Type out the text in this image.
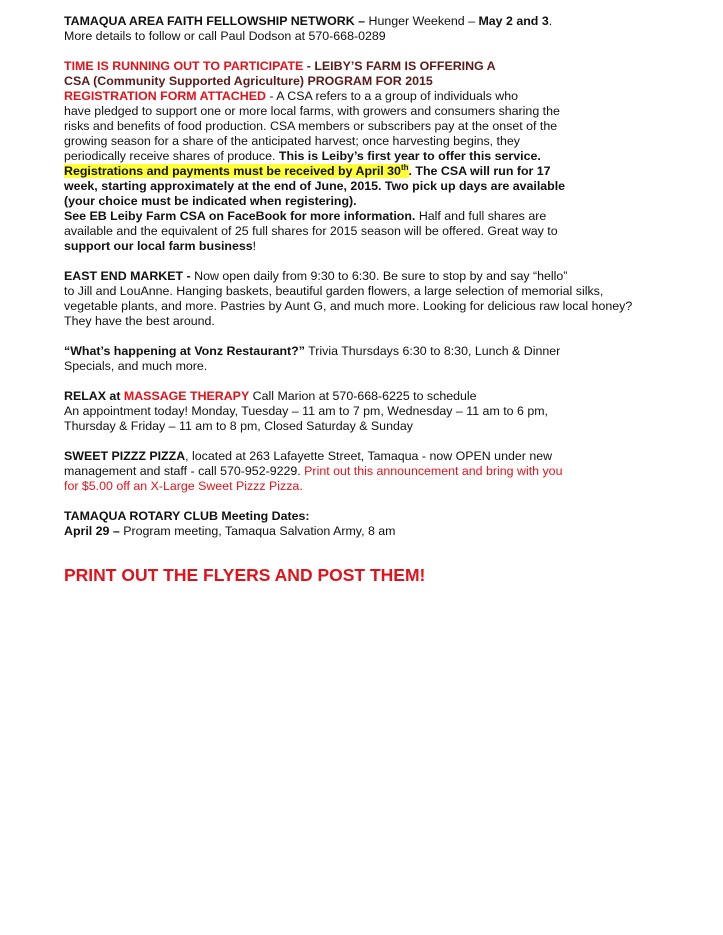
TAMAQUA AREA FAITH FELLOWSHIP NETWORK – Hunger Weekend – May 2 and 3.
More details to follow or call Paul Dodson at 570-668-0289
TIME IS RUNNING OUT TO PARTICIPATE - LEIBY’S FARM IS OFFERING A
CSA (Community Supported Agriculture) PROGRAM FOR 2015
REGISTRATION FORM ATTACHED - A CSA refers to a a group of individuals who
have pledged to support one or more local farms, with growers and consumers sharing the
risks and benefits of food production. CSA members or subscribers pay at the onset of the
growing season for a share of the anticipated harvest; once harvesting begins, they
periodically receive shares of produce. This is Leiby’s first year to offer this service.
Registrations and payments must be received by April 30th. The CSA will run for 17
week, starting approximately at the end of June, 2015. Two pick up days are available
(your choice must be indicated when registering).
See EB Leiby Farm CSA on FaceBook for more information. Half and full shares are
available and the equivalent of 25 full shares for 2015 season will be offered. Great way to
support our local farm business!
EAST END MARKET - Now open daily from 9:30 to 6:30. Be sure to stop by and say “hello”
to Jill and LouAnne. Hanging baskets, beautiful garden flowers, a large selection of memorial silks,
vegetable plants, and more. Pastries by Aunt G, and much more. Looking for delicious raw local honey?
They have the best around.
“What’s happening at Vonz Restaurant?” Trivia Thursdays 6:30 to 8:30, Lunch & Dinner
Specials, and much more.
RELAX at MASSAGE THERAPY Call Marion at 570-668-6225 to schedule
An appointment today! Monday, Tuesday – 11 am to 7 pm, Wednesday – 11 am to 6 pm,
Thursday & Friday – 11 am to 8 pm, Closed Saturday & Sunday
SWEET PIZZZ PIZZA, located at 263 Lafayette Street, Tamaqua - now OPEN under new
management and staff - call 570-952-9229. Print out this announcement and bring with you
for $5.00 off an X-Large Sweet Pizzz Pizza.
TAMAQUA ROTARY CLUB Meeting Dates:
April 29 – Program meeting, Tamaqua Salvation Army, 8 am
PRINT OUT THE FLYERS AND POST THEM!
